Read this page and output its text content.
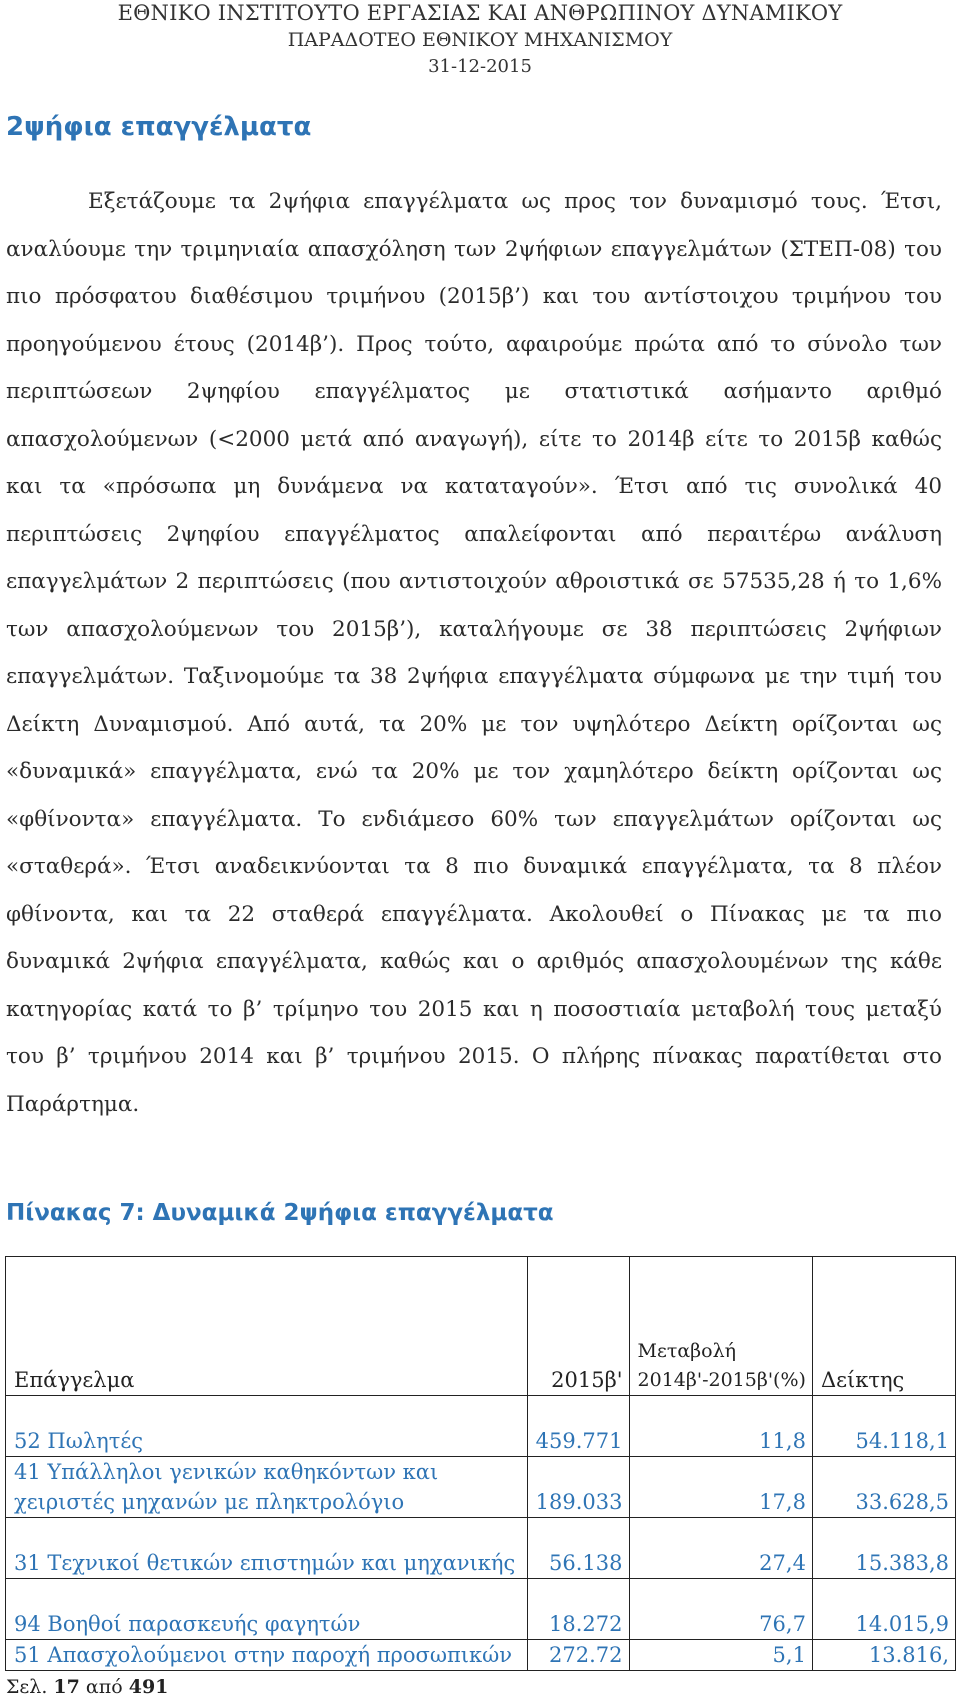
ΕΘΝΙΚΟ ΙΝΣΤΙΤΟΥΤΟ ΕΡΓΑΣΙΑΣ ΚΑΙ ΑΝΘΡΩΠΙΝΟΥ ΔΥΝΑΜΙΚΟΥ
ΠΑΡΑΔΟΤΕΟ ΕΘΝΙΚΟΥ ΜΗΧΑΝΙΣΜΟΥ
31-12-2015
2ψήφια επαγγέλματα

Εξετάζουμε τα 2ψήφια επαγγέλματα ως προς τον δυναμισμό τους. Έτσι, αναλύουμε την τριμηνιαία απασχόληση των 2ψήφιων επαγγελμάτων (ΣΤΕΠ-08) του πιο πρόσφατου διαθέσιμου τριμήνου (2015β’) και του αντίστοιχου τριμήνου του προηγούμενου έτους (2014β’). Προς τούτο, αφαιρούμε πρώτα από το σύνολο των περιπτώσεων 2ψηφίου επαγγέλματος με στατιστικά ασήμαντο αριθμό απασχολούμενων (<2000 μετά από αναγωγή), είτε το 2014β είτε το 2015β καθώς και τα «πρόσωπα μη δυνάμενα να καταταγούν». Έτσι από τις συνολικά 40 περιπτώσεις 2ψηφίου επαγγέλματος απαλείφονται από περαιτέρω ανάλυση επαγγελμάτων 2 περιπτώσεις (που αντιστοιχούν αθροιστικά σε 57535,28 ή το 1,6% των απασχολούμενων του 2015β’), καταλήγουμε σε 38 περιπτώσεις 2ψήφιων επαγγελμάτων. Ταξινομούμε τα 38 2ψήφια επαγγέλματα σύμφωνα με την τιμή του Δείκτη Δυναμισμού. Από αυτά, τα 20% με τον υψηλότερο Δείκτη ορίζονται ως «δυναμικά» επαγγέλματα, ενώ τα 20% με τον χαμηλότερο δείκτη ορίζονται ως «φθίνοντα» επαγγέλματα. Το ενδιάμεσο 60% των επαγγελμάτων ορίζονται ως «σταθερά». Έτσι αναδεικνύονται τα 8 πιο δυναμικά επαγγέλματα, τα 8 πλέον φθίνοντα, και τα 22 σταθερά επαγγέλματα. Ακολουθεί ο Πίνακας με τα πιο δυναμικά 2ψήφια επαγγέλματα, καθώς και ο αριθμός απασχολουμένων της κάθε κατηγορίας κατά το β’ τρίμηνο του 2015 και η ποσοστιαία μεταβολή τους μεταξύ του β’ τριμήνου 2014 και β’ τριμήνου 2015. Ο πλήρης πίνακας παρατίθεται στο Παράρτημα.

Πίνακας 7: Δυναμικά 2ψήφια επαγγέλματα
Επάγγελμα	2015β'	Μεταβολή 2014β'-2015β'(%)	Δείκτης
52 Πωλητές	459.771	11,8	54.118,1
41 Υπάλληλοι γενικών καθηκόντων και χειριστές μηχανών με πληκτρολόγιο	189.033	17,8	33.628,5
31 Τεχνικοί θετικών επιστημών και μηχανικής	56.138	27,4	15.383,8
94 Βοηθοί παρασκευής φαγητών	18.272	76,7	14.015,9
51 Απασχολούμενοι στην παροχή προσωπικών	272.72	5,1	13.816,
Σελ. 17 από 491
